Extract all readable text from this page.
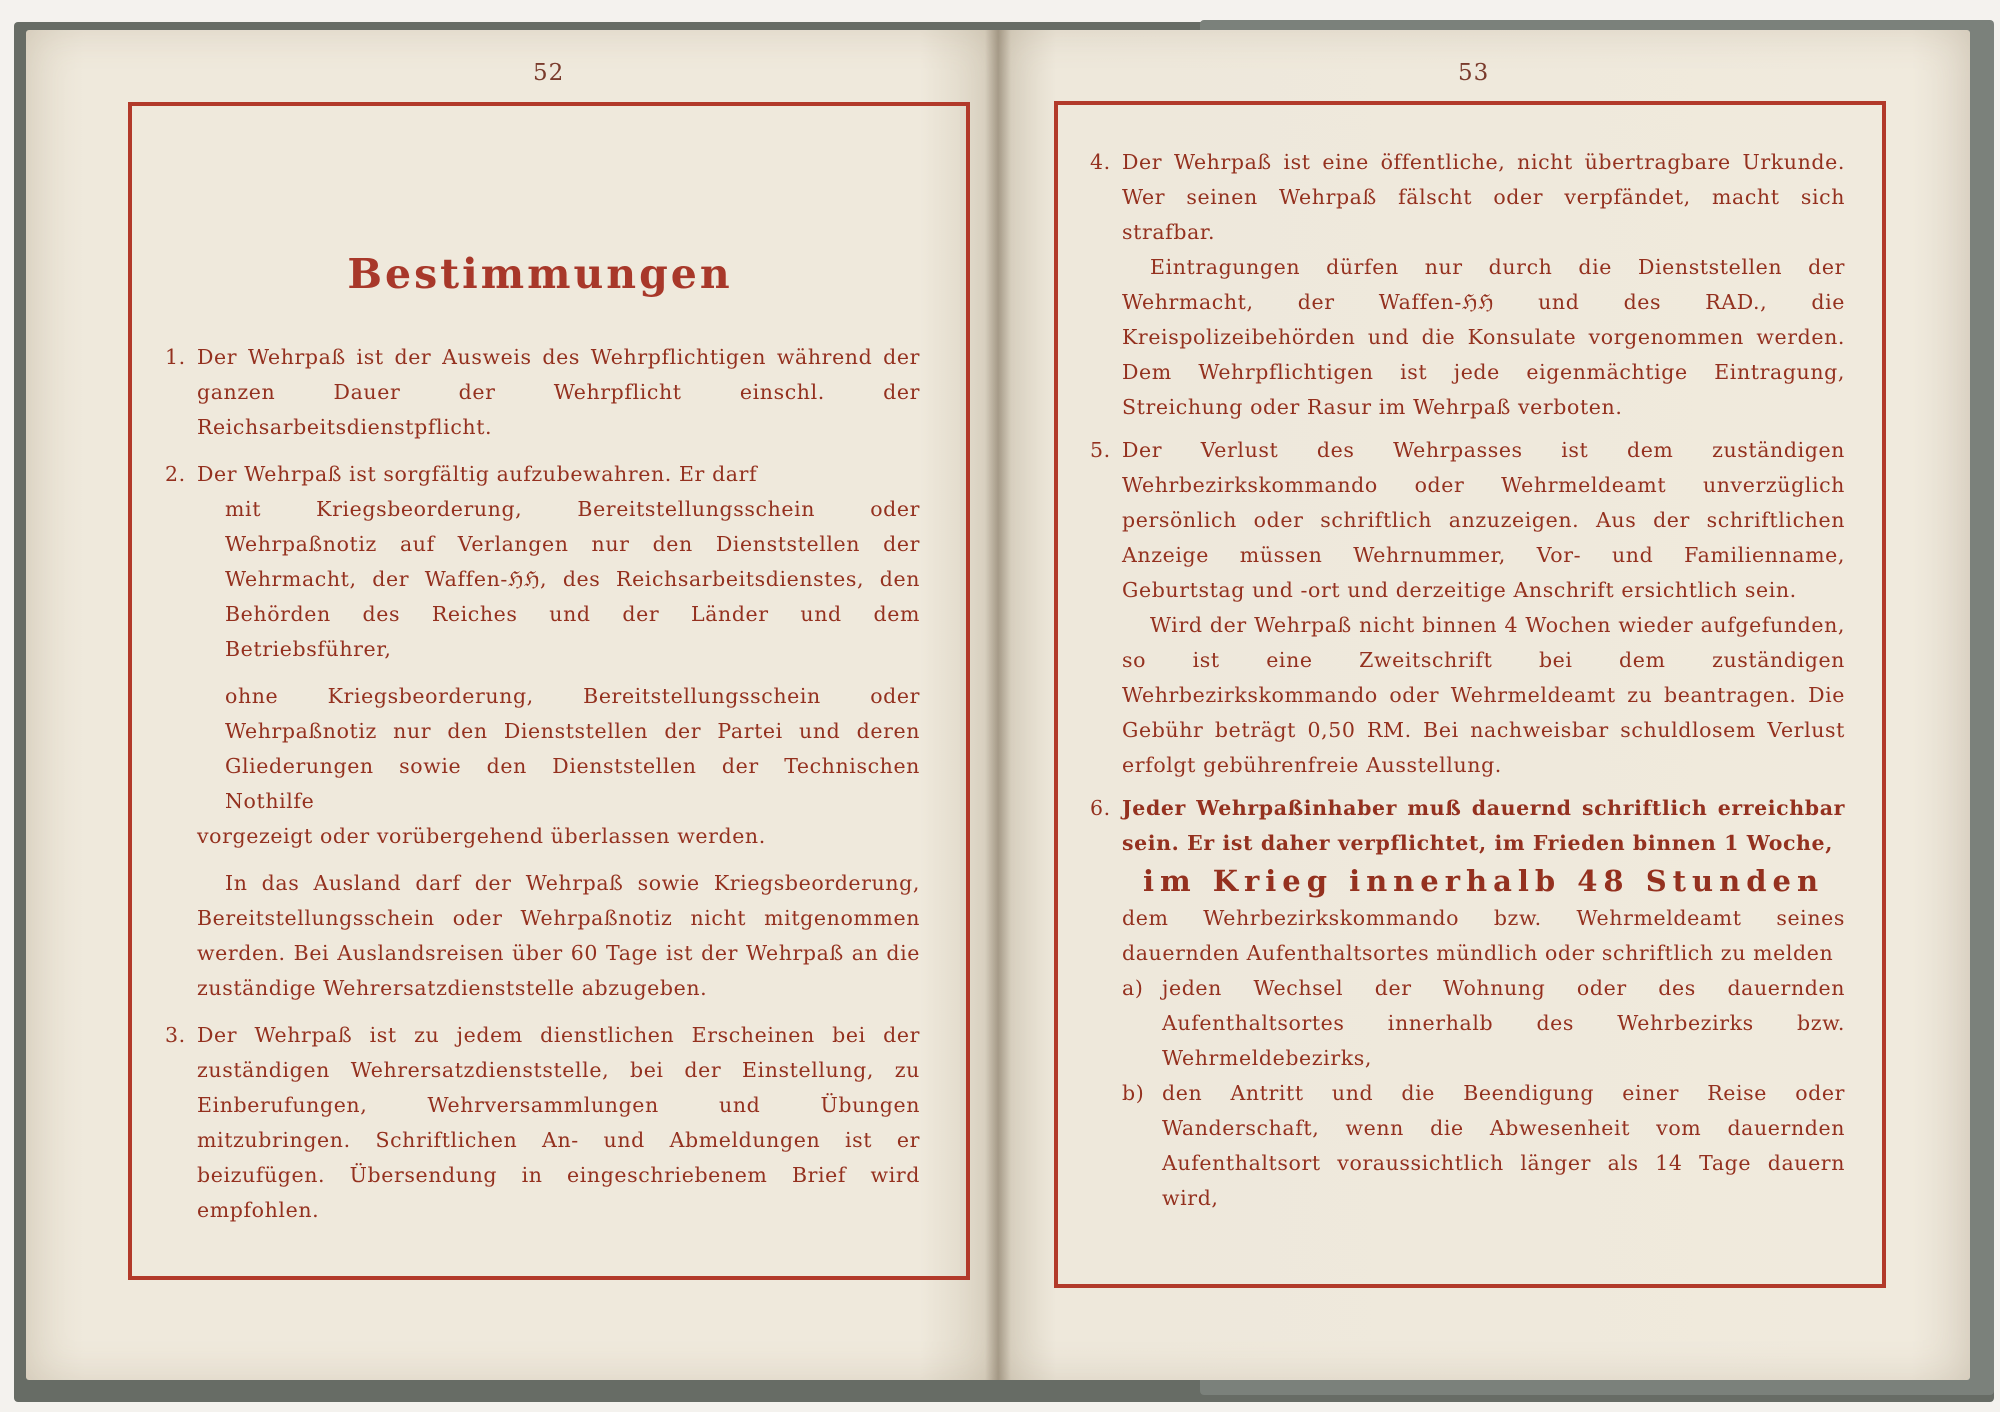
52	53
Bestimmungen
1. Der Wehrpaß ist der Ausweis des Wehrpflichtigen während der ganzen Dauer der Wehrpflicht einschl. der Reichsarbeitsdienstpflicht.

2. Der Wehrpaß ist sorgfältig aufzubewahren. Er darf

mit Kriegsbeorderung, Bereitstellungsschein oder Wehrpaßnotiz auf Verlangen nur den Dienststellen der Wehrmacht, der Waffen-ℌℌ, des Reichsarbeitsdienstes, den Behörden des Reiches und der Länder und dem Betriebsführer,

ohne Kriegsbeorderung, Bereitstellungsschein oder Wehrpaßnotiz nur den Dienststellen der Partei und deren Gliederungen sowie den Dienststellen der Technischen Nothilfe

vorgezeigt oder vorübergehend überlassen werden.

In das Ausland darf der Wehrpaß sowie Kriegsbeorderung, Bereitstellungsschein oder Wehrpaßnotiz nicht mitgenommen werden. Bei Auslandsreisen über 60 Tage ist der Wehrpaß an die zuständige Wehrersatzdienststelle abzugeben.

3. Der Wehrpaß ist zu jedem dienstlichen Erscheinen bei der zuständigen Wehrersatzdienststelle, bei der Einstellung, zu Einberufungen, Wehrversammlungen und Übungen mitzubringen. Schriftlichen An- und Abmeldungen ist er beizufügen. Übersendung in eingeschriebenem Brief wird empfohlen.

4. Der Wehrpaß ist eine öffentliche, nicht übertragbare Urkunde. Wer seinen Wehrpaß fälscht oder verpfändet, macht sich strafbar.

Eintragungen dürfen nur durch die Dienststellen der Wehrmacht, der Waffen-ℌℌ und des RAD., die Kreispolizeibehörden und die Konsulate vorgenommen werden. Dem Wehrpflichtigen ist jede eigenmächtige Eintragung, Streichung oder Rasur im Wehrpaß verboten.

5. Der Verlust des Wehrpasses ist dem zuständigen Wehrbezirkskommando oder Wehrmeldeamt unverzüglich persönlich oder schriftlich anzuzeigen. Aus der schriftlichen Anzeige müssen Wehrnummer, Vor- und Familienname, Geburtstag und -ort und derzeitige Anschrift ersichtlich sein.

Wird der Wehrpaß nicht binnen 4 Wochen wieder aufgefunden, so ist eine Zweitschrift bei dem zuständigen Wehrbezirkskommando oder Wehrmeldeamt zu beantragen. Die Gebühr beträgt 0,50 RM. Bei nachweisbar schuldlosem Verlust erfolgt gebührenfreie Ausstellung.

6. Jeder Wehrpaßinhaber muß dauernd schriftlich erreichbar sein. Er ist daher verpflichtet, im Frieden binnen 1 Woche,

im Krieg innerhalb 48 Stunden

dem Wehrbezirkskommando bzw. Wehrmeldeamt seines dauernden Aufenthaltsortes mündlich oder schriftlich zu melden

a) jeden Wechsel der Wohnung oder des dauernden Aufenthaltsortes innerhalb des Wehrbezirks bzw. Wehrmeldebezirks,
b) den Antritt und die Beendigung einer Reise oder Wanderschaft, wenn die Abwesenheit vom dauernden Aufenthaltsort voraussichtlich länger als 14 Tage dauern wird,
